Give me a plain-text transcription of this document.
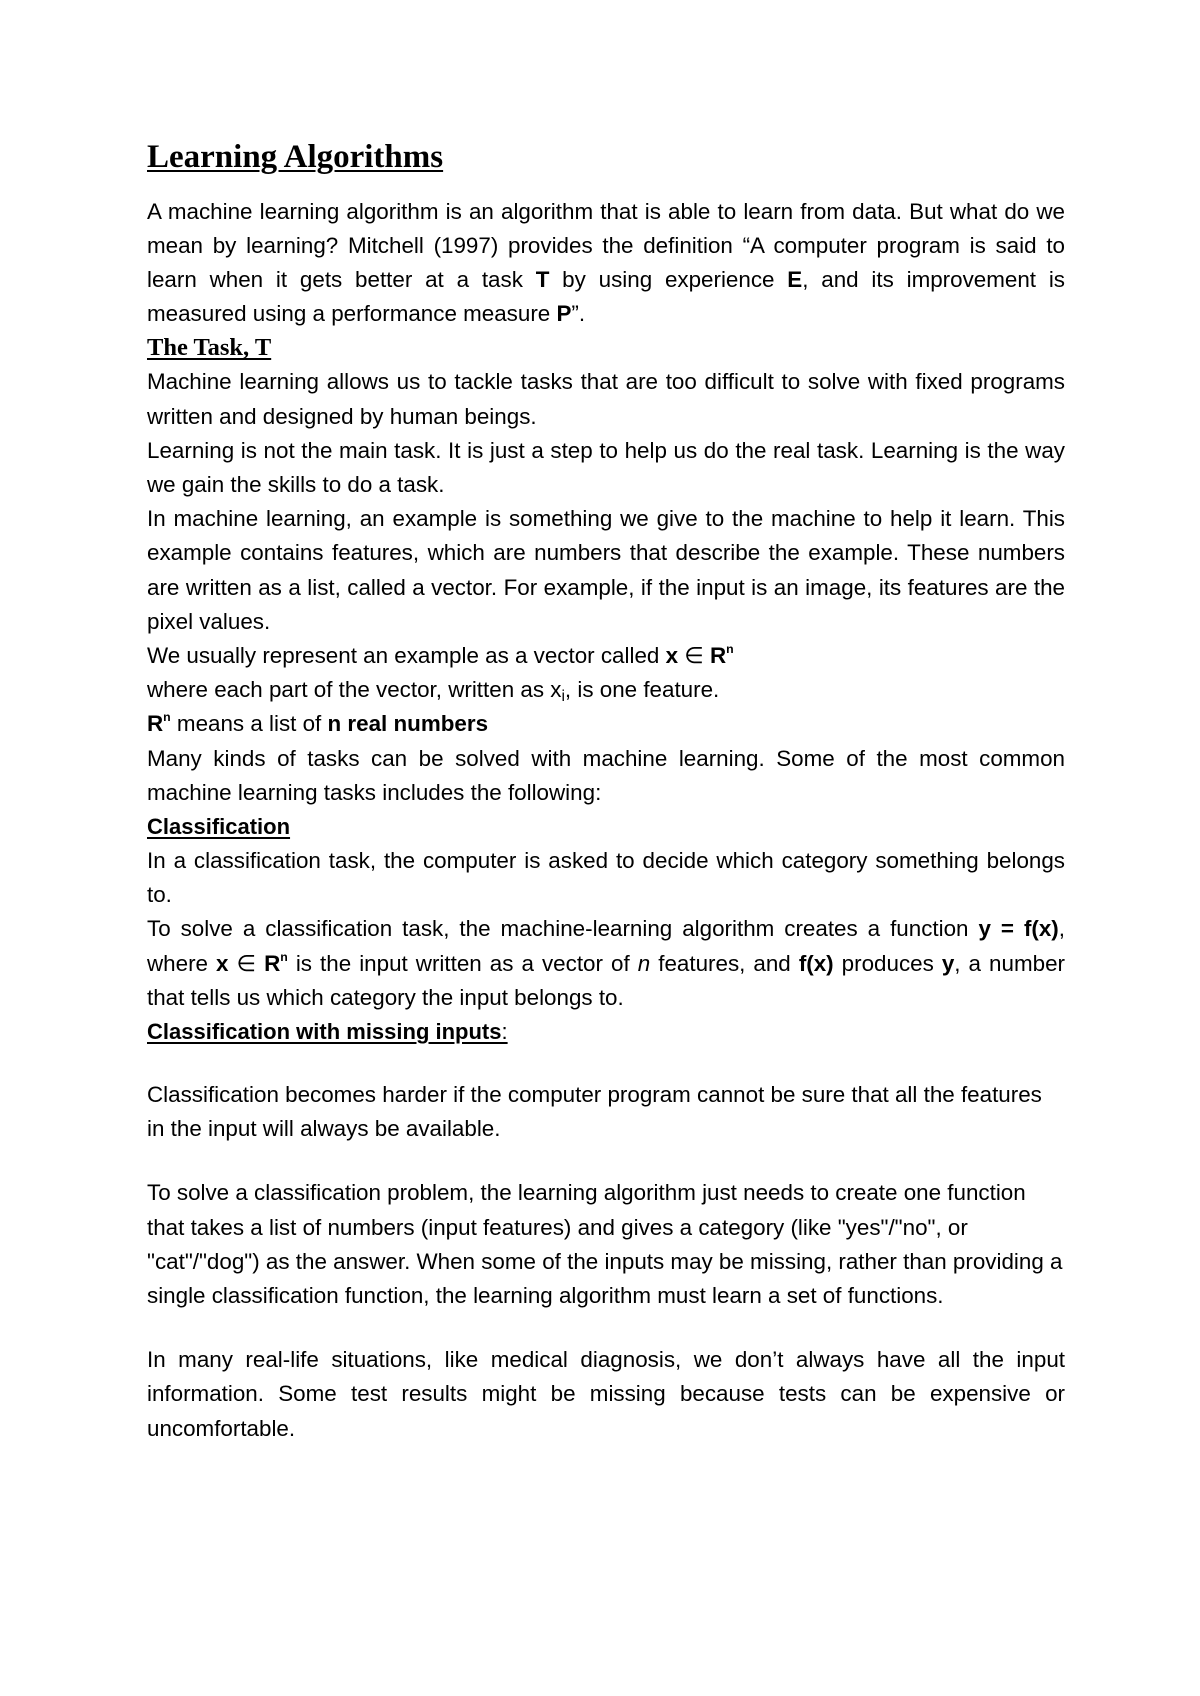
Learning Algorithms

A machine learning algorithm is an algorithm that is able to learn from data. But what do we mean by learning? Mitchell (1997) provides the definition “A computer program is said to learn when it gets better at a task T by using experience E, and its improvement is measured using a performance measure P”.

The Task, T

Machine learning allows us to tackle tasks that are too difficult to solve with fixed programs written and designed by human beings.

Learning is not the main task. It is just a step to help us do the real task. Learning is the way we gain the skills to do a task.

In machine learning, an example is something we give to the machine to help it learn. This example contains features, which are numbers that describe the example. These numbers are written as a list, called a vector. For example, if the input is an image, its features are the pixel values.

We usually represent an example as a vector called x ∈ $R^n$

where each part of the vector, written as $x_i$, is one feature.

$R^n$ means a list of n real numbers

Many kinds of tasks can be solved with machine learning. Some of the most common machine learning tasks includes the following:

Classification

In a classification task, the computer is asked to decide which category something belongs to.

To solve a classification task, the machine-learning algorithm creates a function y = f(x), where x ∈ $R^n$ is the input written as a vector of n features, and f(x) produces y, a number that tells us which category the input belongs to.

Classification with missing inputs:

Classification becomes harder if the computer program cannot be sure that all the features in the input will always be available.

To solve a classification problem, the learning algorithm just needs to create one function that takes a list of numbers (input features) and gives a category (like "yes"/"no", or "cat"/"dog") as the answer. When some of the inputs may be missing, rather than providing a single classification function, the learning algorithm must learn a set of functions.

In many real-life situations, like medical diagnosis, we don’t always have all the input information. Some test results might be missing because tests can be expensive or uncomfortable.
